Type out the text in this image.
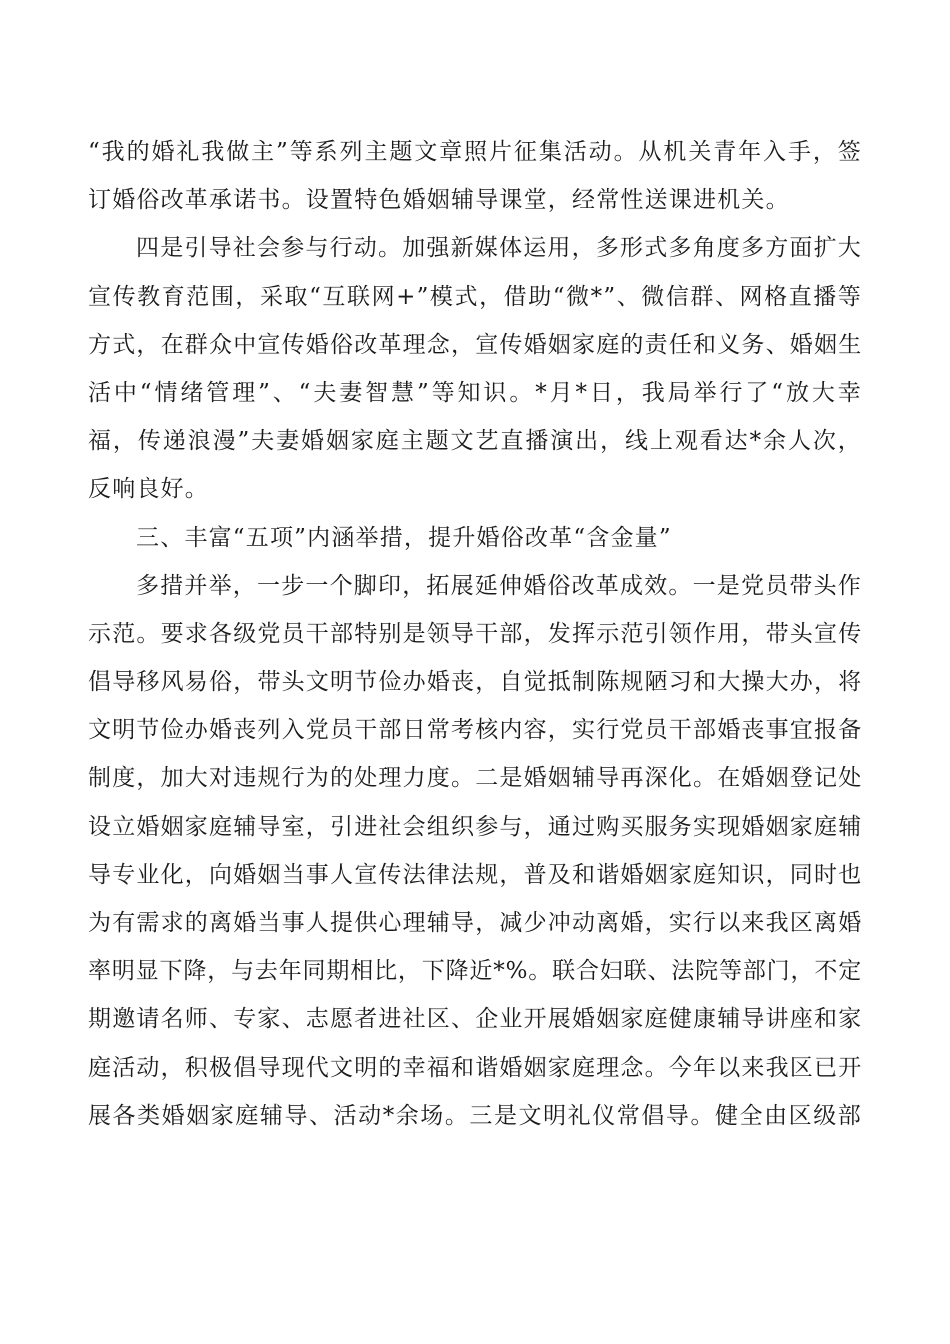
“我的婚礼我做主”等系列主题文章照片征集活动。从机关青年入手，签
订婚俗改革承诺书。设置特色婚姻辅导课堂，经常性送课进机关。
四是引导社会参与行动。加强新媒体运用，多形式多角度多方面扩大
宣传教育范围，采取“互联网+”模式，借助“微*”、微信群、网格直播等
方式，在群众中宣传婚俗改革理念，宣传婚姻家庭的责任和义务、婚姻生
活中“情绪管理”、“夫妻智慧”等知识。*月*日，我局举行了“放大幸
福，传递浪漫”夫妻婚姻家庭主题文艺直播演出，线上观看达*余人次，
反响良好。
三、丰富“五项”内涵举措，提升婚俗改革“含金量”
多措并举，一步一个脚印，拓展延伸婚俗改革成效。一是党员带头作
示范。要求各级党员干部特别是领导干部，发挥示范引领作用，带头宣传
倡导移风易俗，带头文明节俭办婚丧，自觉抵制陈规陋习和大操大办，将
文明节俭办婚丧列入党员干部日常考核内容，实行党员干部婚丧事宜报备
制度，加大对违规行为的处理力度。二是婚姻辅导再深化。在婚姻登记处
设立婚姻家庭辅导室，引进社会组织参与，通过购买服务实现婚姻家庭辅
导专业化，向婚姻当事人宣传法律法规，普及和谐婚姻家庭知识，同时也
为有需求的离婚当事人提供心理辅导，减少冲动离婚，实行以来我区离婚
率明显下降，与去年同期相比，下降近*%。联合妇联、法院等部门，不定
期邀请名师、专家、志愿者进社区、企业开展婚姻家庭健康辅导讲座和家
庭活动，积极倡导现代文明的幸福和谐婚姻家庭理念。今年以来我区已开
展各类婚姻家庭辅导、活动*余场。三是文明礼仪常倡导。健全由区级部
